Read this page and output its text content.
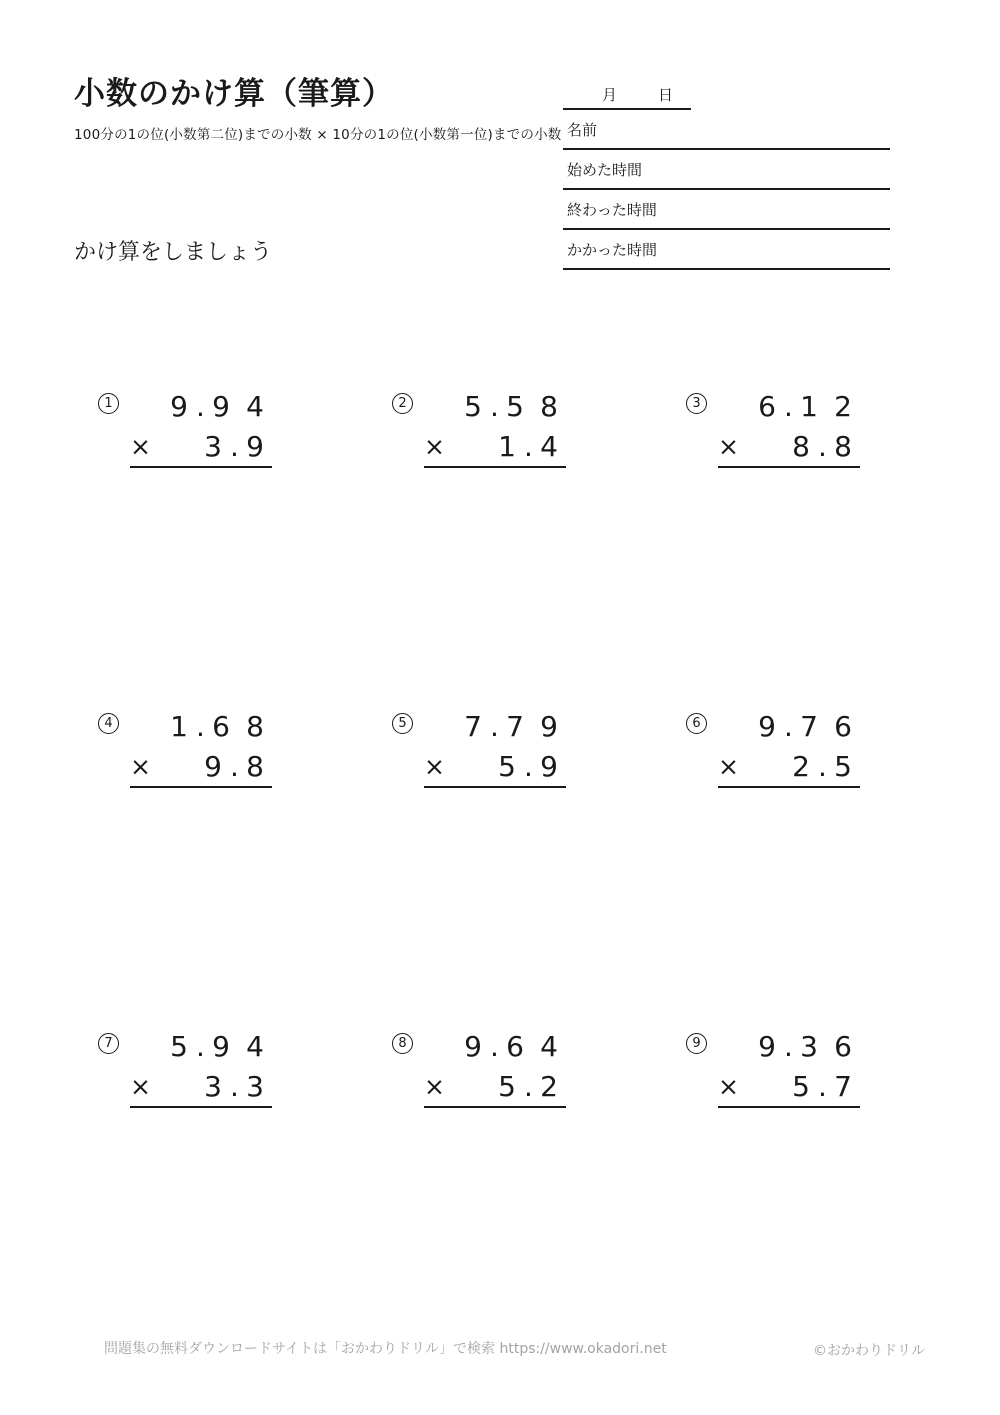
小数のかけ算（筆算）
100分の1の位(小数第二位)までの小数 × 10分の1の位(小数第一位)までの小数
かけ算をしましょう
月	日
名前
始めた時間
終わった時間
かかった時間
1	9 . 9 4
× 3 . 9
2	5 . 5 8
× 1 . 4
3	6 . 1 2
× 8 . 8
4	1 . 6 8
× 9 . 8
5	7 . 7 9
× 5 . 9
6	9 . 7 6
× 2 . 5
7	5 . 9 4
× 3 . 3
8	9 . 6 4
× 5 . 2
9	9 . 3 6
× 5 . 7
問題集の無料ダウンロードサイトは「おかわりドリル」で検索 https://www.okadori.net	©おかわりドリル
